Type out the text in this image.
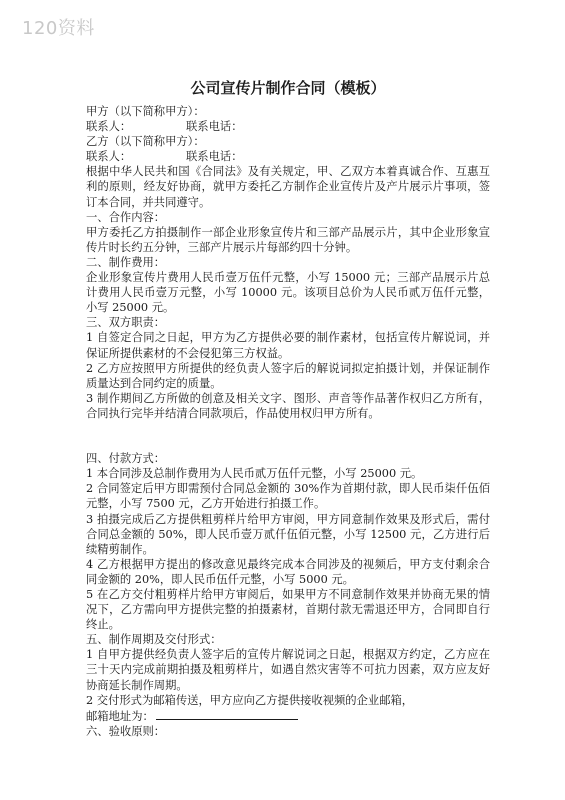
120资料

公司宣传片制作合同（模板）

甲方（以下简称甲方）：

联系人：	联系电话：

乙方（以下简称甲方）：

联系人：	联系电话：

根据中华人民共和国《合同法》及有关规定，甲、乙双方本着真诚合作、互惠互利的原则，经友好协商，就甲方委托乙方制作企业宣传片及产片展示片事项，签订本合同，并共同遵守。

一、合作内容：

甲方委托乙方拍摄制作一部企业形象宣传片和三部产品展示片，其中企业形象宣传片时长约五分钟，三部产片展示片每部约四十分钟。

二、制作费用：

企业形象宣传片费用人民币壹万伍仟元整，小写 15000 元；三部产品展示片总计费用人民币壹万元整，小写 10000 元。该项目总价为人民币贰万伍仟元整，小写 25000 元。

三、双方职责：

1 自签定合同之日起，甲方为乙方提供必要的制作素材，包括宣传片解说词，并保证所提供素材的不会侵犯第三方权益。

2 乙方应按照甲方所提供的经负责人签字后的解说词拟定拍摄计划，并保证制作质量达到合同约定的质量。

3 制作期间乙方所做的创意及相关文字、图形、声音等作品著作权归乙方所有，合同执行完毕并结清合同款项后，作品使用权归甲方所有。

四、付款方式：

1 本合同涉及总制作费用为人民币贰万伍仟元整，小写 25000 元。

2 合同签定后甲方即需预付合同总金额的 30%作为首期付款，即人民币柒仟伍佰元整，小写 7500 元，乙方开始进行拍摄工作。

3 拍摄完成后乙方提供粗剪样片给甲方审阅，甲方同意制作效果及形式后，需付合同总金额的 50%，即人民币壹万贰仟伍佰元整，小写 12500 元，乙方进行后续精剪制作。

4 乙方根据甲方提出的修改意见最终完成本合同涉及的视频后，甲方支付剩余合同金额的 20%，即人民币伍仟元整，小写 5000 元。

5 在乙方交付粗剪样片给甲方审阅后，如果甲方不同意制作效果并协商无果的情况下，乙方需向甲方提供完整的拍摄素材，首期付款无需退还甲方，合同即自行终止。

五、制作周期及交付形式：

1 自甲方提供经负责人签字后的宣传片解说词之日起，根据双方约定，乙方应在三十天内完成前期拍摄及粗剪样片，如遇自然灾害等不可抗力因素，双方应友好协商延长制作周期。

2 交付形式为邮箱传送，甲方应向乙方提供接收视频的企业邮箱，

邮箱地址为：

六、验收原则：
